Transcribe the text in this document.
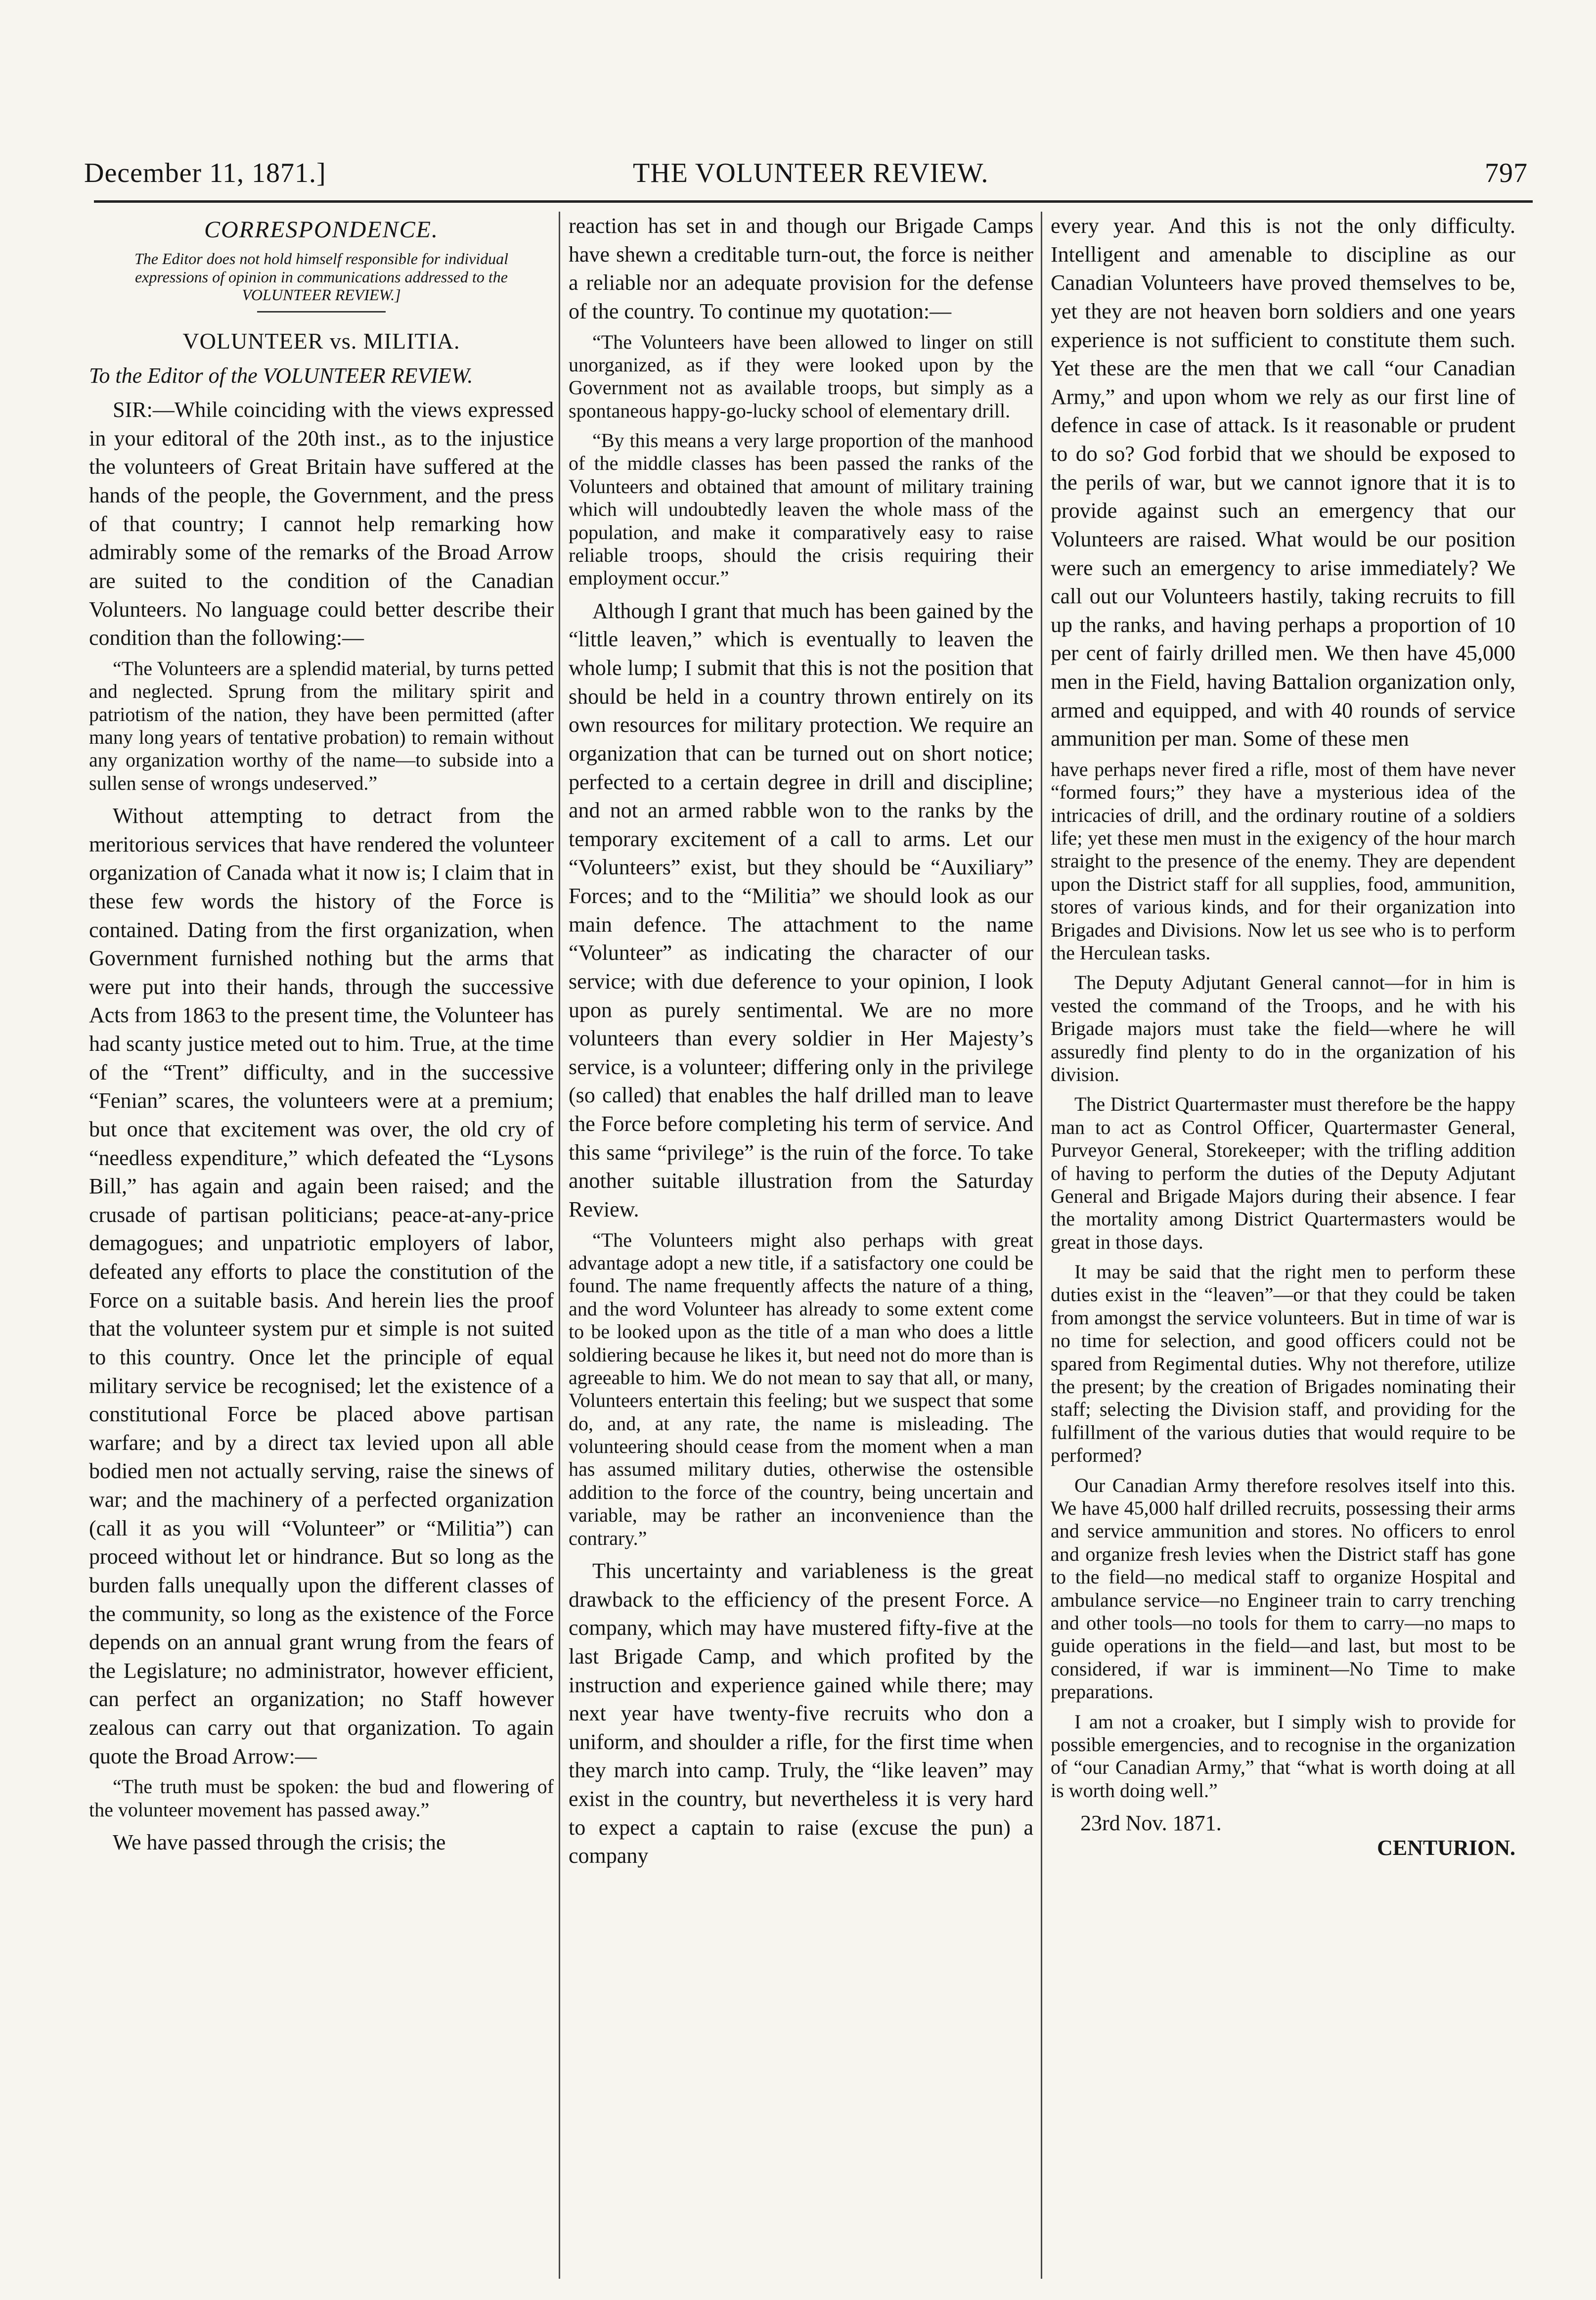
December 11, 1871.]	THE VOLUNTEER REVIEW.	797
CORRESPONDENCE.
The Editor does not hold himself responsible for individual expressions of opinion in communications addressed to the VOLUNTEER REVIEW.]
VOLUNTEER vs. MILITIA.
To the Editor of the VOLUNTEER REVIEW.

SIR:—While coinciding with the views expressed in your editoral of the 20th inst., as to the injustice the volunteers of Great Britain have suffered at the hands of the people, the Government, and the press of that country; I cannot help remarking how admirably some of the remarks of the Broad Arrow are suited to the condition of the Canadian Volunteers. No language could better describe their condition than the following:—

“The Volunteers are a splendid material, by turns petted and neglected. Sprung from the military spirit and patriotism of the nation, they have been permitted (after many long years of tentative probation) to remain without any organization worthy of the name—to subside into a sullen sense of wrongs undeserved.”

Without attempting to detract from the meritorious services that have rendered the volunteer organization of Canada what it now is; I claim that in these few words the history of the Force is contained. Dating from the first organization, when Government furnished nothing but the arms that were put into their hands, through the successive Acts from 1863 to the present time, the Volunteer has had scanty justice meted out to him. True, at the time of the “Trent” difficulty, and in the successive “Fenian” scares, the volunteers were at a premium; but once that excitement was over, the old cry of “needless expenditure,” which defeated the “Lysons Bill,” has again and again been raised; and the crusade of partisan politicians; peace-at-any-price demagogues; and unpatriotic employers of labor, defeated any efforts to place the constitution of the Force on a suitable basis. And herein lies the proof that the volunteer system pur et simple is not suited to this country. Once let the principle of equal military service be recognised; let the existence of a constitutional Force be placed above partisan warfare; and by a direct tax levied upon all able bodied men not actually serving, raise the sinews of war; and the machinery of a perfected organization (call it as you will “Volunteer” or “Militia”) can proceed without let or hindrance. But so long as the burden falls unequally upon the different classes of the community, so long as the existence of the Force depends on an annual grant wrung from the fears of the Legislature; no administrator, however efficient, can perfect an organization; no Staff however zealous can carry out that organization. To again quote the Broad Arrow:—

“The truth must be spoken: the bud and flowering of the volunteer movement has passed away.”

We have passed through the crisis; the

reaction has set in and though our Brigade Camps have shewn a creditable turn-out, the force is neither a reliable nor an adequate provision for the defense of the country. To continue my quotation:—

“The Volunteers have been allowed to linger on still unorganized, as if they were looked upon by the Government not as available troops, but simply as a spontaneous happy-go-lucky school of elementary drill.

“By this means a very large proportion of the manhood of the middle classes has been passed the ranks of the Volunteers and obtained that amount of military training which will undoubtedly leaven the whole mass of the population, and make it comparatively easy to raise reliable troops, should the crisis requiring their employment occur.”

Although I grant that much has been gained by the “little leaven,” which is eventually to leaven the whole lump; I submit that this is not the position that should be held in a country thrown entirely on its own resources for military protection. We require an organization that can be turned out on short notice; perfected to a certain degree in drill and discipline; and not an armed rabble won to the ranks by the temporary excitement of a call to arms. Let our “Volunteers” exist, but they should be “Auxiliary” Forces; and to the “Militia” we should look as our main defence. The attachment to the name “Volunteer” as indicating the character of our service; with due deference to your opinion, I look upon as purely sentimental. We are no more volunteers than every soldier in Her Majesty’s service, is a volunteer; differing only in the privilege (so called) that enables the half drilled man to leave the Force before completing his term of service. And this same “privilege” is the ruin of the force. To take another suitable illustration from the Saturday Review.

“The Volunteers might also perhaps with great advantage adopt a new title, if a satisfactory one could be found. The name frequently affects the nature of a thing, and the word Volunteer has already to some extent come to be looked upon as the title of a man who does a little soldiering because he likes it, but need not do more than is agreeable to him. We do not mean to say that all, or many, Volunteers entertain this feeling; but we suspect that some do, and, at any rate, the name is misleading. The volunteering should cease from the moment when a man has assumed military duties, otherwise the ostensible addition to the force of the country, being uncertain and variable, may be rather an inconvenience than the contrary.”

This uncertainty and variableness is the great drawback to the efficiency of the present Force. A company, which may have mustered fifty-five at the last Brigade Camp, and which profited by the instruction and experience gained while there; may next year have twenty-five recruits who don a uniform, and shoulder a rifle, for the first time when they march into camp. Truly, the “like leaven” may exist in the country, but nevertheless it is very hard to expect a captain to raise (excuse the pun) a company

every year. And this is not the only difficulty. Intelligent and amenable to discipline as our Canadian Volunteers have proved themselves to be, yet they are not heaven born soldiers and one years experience is not sufficient to constitute them such. Yet these are the men that we call “our Canadian Army,” and upon whom we rely as our first line of defence in case of attack. Is it reasonable or prudent to do so? God forbid that we should be exposed to the perils of war, but we cannot ignore that it is to provide against such an emergency that our Volunteers are raised. What would be our position were such an emergency to arise immediately? We call out our Volunteers hastily, taking recruits to fill up the ranks, and having perhaps a proportion of 10 per cent of fairly drilled men. We then have 45,000 men in the Field, having Battalion organization only, armed and equipped, and with 40 rounds of service ammunition per man. Some of these men

have perhaps never fired a rifle, most of them have never “formed fours;” they have a mysterious idea of the intricacies of drill, and the ordinary routine of a soldiers life; yet these men must in the exigency of the hour march straight to the presence of the enemy. They are dependent upon the District staff for all supplies, food, ammunition, stores of various kinds, and for their organization into Brigades and Divisions. Now let us see who is to perform the Herculean tasks.

The Deputy Adjutant General cannot—for in him is vested the command of the Troops, and he with his Brigade majors must take the field—where he will assuredly find plenty to do in the organization of his division.

The District Quartermaster must therefore be the happy man to act as Control Officer, Quartermaster General, Purveyor General, Storekeeper; with the trifling addition of having to perform the duties of the Deputy Adjutant General and Brigade Majors during their absence. I fear the mortality among District Quartermasters would be great in those days.

It may be said that the right men to perform these duties exist in the “leaven”—or that they could be taken from amongst the service volunteers. But in time of war is no time for selection, and good officers could not be spared from Regimental duties. Why not therefore, utilize the present; by the creation of Brigades nominating their staff; selecting the Division staff, and providing for the fulfillment of the various duties that would require to be performed?

Our Canadian Army therefore resolves itself into this. We have 45,000 half drilled recruits, possessing their arms and service ammunition and stores. No officers to enrol and organize fresh levies when the District staff has gone to the field—no medical staff to organize Hospital and ambulance service—no Engineer train to carry trenching and other tools—no tools for them to carry—no maps to guide operations in the field—and last, but most to be considered, if war is imminent—No Time to make preparations.

I am not a croaker, but I simply wish to provide for possible emergencies, and to recognise in the organization of “our Canadian Army,” that “what is worth doing at all is worth doing well.”

23rd Nov. 1871.
CENTURION.
